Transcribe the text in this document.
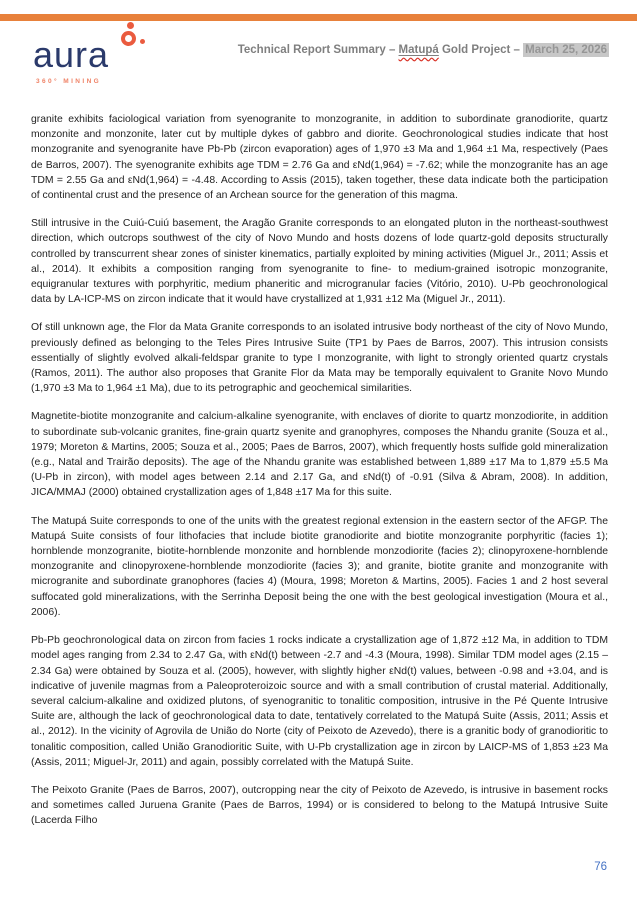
aura
360° MINING
Technical Report Summary – Matupá Gold Project – March 25, 2026

granite exhibits faciological variation from syenogranite to monzogranite, in addition to subordinate granodiorite, quartz monzonite and monzonite, later cut by multiple dykes of gabbro and diorite. Geochronological studies indicate that host monzogranite and syenogranite have Pb-Pb (zircon evaporation) ages of 1,970 ±3 Ma and 1,964 ±1 Ma, respectively (Paes de Barros, 2007). The syenogranite exhibits age TDM = 2.76 Ga and εNd(1,964) = -7.62; while the monzogranite has an age TDM = 2.55 Ga and εNd(1,964) = -4.48. According to Assis (2015), taken together, these data indicate both the participation of continental crust and the presence of an Archean source for the generation of this magma.

Still intrusive in the Cuiú-Cuiú basement, the Aragão Granite corresponds to an elongated pluton in the northeast-southwest direction, which outcrops southwest of the city of Novo Mundo and hosts dozens of lode quartz-gold deposits structurally controlled by transcurrent shear zones of sinister kinematics, partially exploited by mining activities (Miguel Jr., 2011; Assis et al., 2014). It exhibits a composition ranging from syenogranite to fine- to medium-grained isotropic monzogranite, equigranular textures with porphyritic, medium phaneritic and microgranular facies (Vitório, 2010). U-Pb geochronological data by LA-ICP-MS on zircon indicate that it would have crystallized at 1,931 ±12 Ma (Miguel Jr., 2011).

Of still unknown age, the Flor da Mata Granite corresponds to an isolated intrusive body northeast of the city of Novo Mundo, previously defined as belonging to the Teles Pires Intrusive Suite (TP1 by Paes de Barros, 2007). This intrusion consists essentially of slightly evolved alkali-feldspar granite to type I monzogranite, with light to strongly oriented quartz crystals (Ramos, 2011). The author also proposes that Granite Flor da Mata may be temporally equivalent to Granite Novo Mundo (1,970 ±3 Ma to 1,964 ±1 Ma), due to its petrographic and geochemical similarities.

Magnetite-biotite monzogranite and calcium-alkaline syenogranite, with enclaves of diorite to quartz monzodiorite, in addition to subordinate sub-volcanic granites, fine-grain quartz syenite and granophyres, composes the Nhandu granite (Souza et al., 1979; Moreton & Martins, 2005; Souza et al., 2005; Paes de Barros, 2007), which frequently hosts sulfide gold mineralization (e.g., Natal and Trairão deposits). The age of the Nhandu granite was established between 1,889 ±17 Ma to 1,879 ±5.5 Ma (U-Pb in zircon), with model ages between 2.14 and 2.17 Ga, and εNd(t) of -0.91 (Silva & Abram, 2008). In addition, JICA/MMAJ (2000) obtained crystallization ages of 1,848 ±17 Ma for this suite.

The Matupá Suite corresponds to one of the units with the greatest regional extension in the eastern sector of the AFGP. The Matupá Suite consists of four lithofacies that include biotite granodiorite and biotite monzogranite porphyritic (facies 1); hornblende monzogranite, biotite-hornblende monzonite and hornblende monzodiorite (facies 2); clinopyroxene-hornblende monzogranite and clinopyroxene-hornblende monzodiorite (facies 3); and granite, biotite granite and monzogranite with microgranite and subordinate granophores (facies 4) (Moura, 1998; Moreton & Martins, 2005). Facies 1 and 2 host several suffocated gold mineralizations, with the Serrinha Deposit being the one with the best geological investigation (Moura et al., 2006).

Pb-Pb geochronological data on zircon from facies 1 rocks indicate a crystallization age of 1,872 ±12 Ma, in addition to TDM model ages ranging from 2.34 to 2.47 Ga, with εNd(t) between -2.7 and -4.3 (Moura, 1998). Similar TDM model ages (2.15 – 2.34 Ga) were obtained by Souza et al. (2005), however, with slightly higher εNd(t) values, between -0.98 and +3.04, and is indicative of juvenile magmas from a Paleoproteroizoic source and with a small contribution of crustal material. Additionally, several calcium-alkaline and oxidized plutons, of syenogranitic to tonalitic composition, intrusive in the Pé Quente Intrusive Suite are, although the lack of geochronological data to date, tentatively correlated to the Matupá Suite (Assis, 2011; Assis et al., 2012). In the vicinity of Agrovila de União do Norte (city of Peixoto de Azevedo), there is a granitic body of granodioritic to tonalitic composition, called União Granodioritic Suite, with U-Pb crystallization age in zircon by LAICP-MS of 1,853 ±23 Ma (Assis, 2011; Miguel-Jr, 2011) and again, possibly correlated with the Matupá Suite.

The Peixoto Granite (Paes de Barros, 2007), outcropping near the city of Peixoto de Azevedo, is intrusive in basement rocks and sometimes called Juruena Granite (Paes de Barros, 1994) or is considered to belong to the Matupá Intrusive Suite (Lacerda Filho

76
